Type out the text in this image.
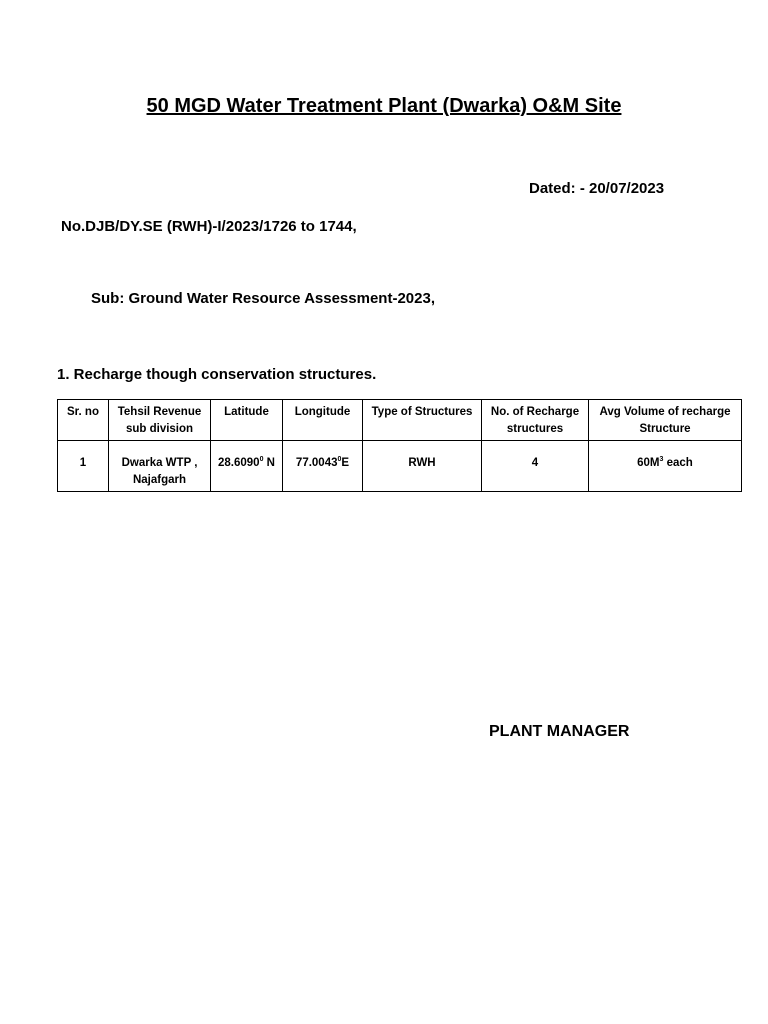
50 MGD Water Treatment Plant (Dwarka) O&M Site
Dated: - 20/07/2023
No.DJB/DY.SE (RWH)-I/2023/1726 to 1744,
Sub: Ground Water Resource Assessment-2023,
1. Recharge though conservation structures.
Sr. no	Tehsil Revenue sub division	Latitude	Longitude	Type of Structures	No. of Recharge structures	Avg Volume of recharge Structure
1	Dwarka WTP , Najafgarh	28.6090$^0$ N	77.0043$^0$E	RWH	4	$60M^3$ each
PLANT MANAGER
